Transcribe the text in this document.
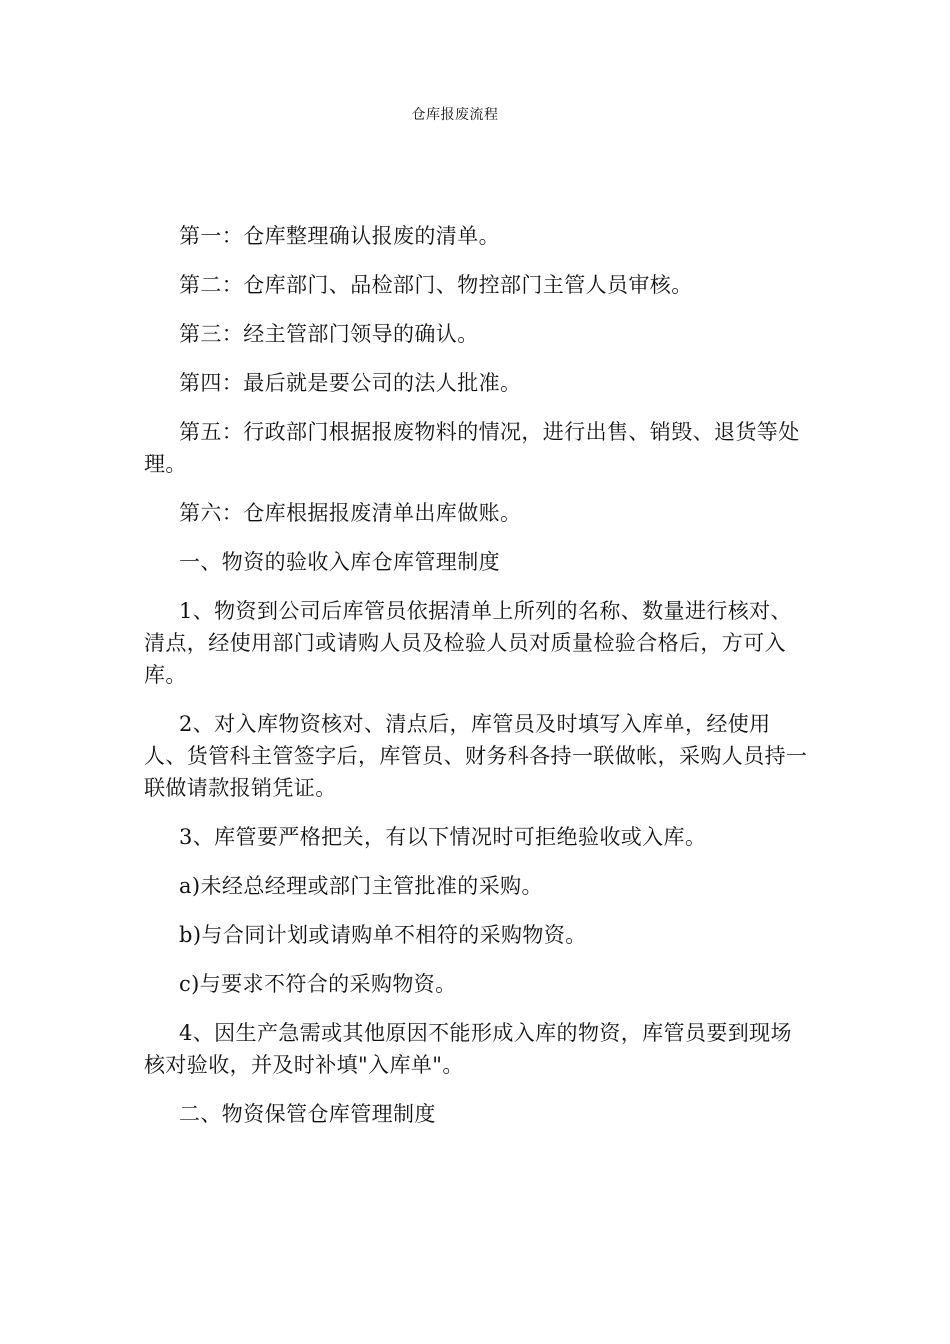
仓库报废流程

第一：仓库整理确认报废的清单。

第二：仓库部门、品检部门、物控部门主管人员审核。

第三：经主管部门领导的确认。

第四：最后就是要公司的法人批准。

第五：行政部门根据报废物料的情况，进行出售、销毁、退货等处理。

第六：仓库根据报废清单出库做账。

一、物资的验收入库仓库管理制度

1、物资到公司后库管员依据清单上所列的名称、数量进行核对、清点，经使用部门或请购人员及检验人员对质量检验合格后，方可入库。

2、对入库物资核对、清点后，库管员及时填写入库单，经使用人、货管科主管签字后，库管员、财务科各持一联做帐，采购人员持一联做请款报销凭证。

3、库管要严格把关，有以下情况时可拒绝验收或入库。

a)未经总经理或部门主管批准的采购。

b)与合同计划或请购单不相符的采购物资。

c)与要求不符合的采购物资。

4、因生产急需或其他原因不能形成入库的物资，库管员要到现场核对验收，并及时补填"入库单"。

二、物资保管仓库管理制度
